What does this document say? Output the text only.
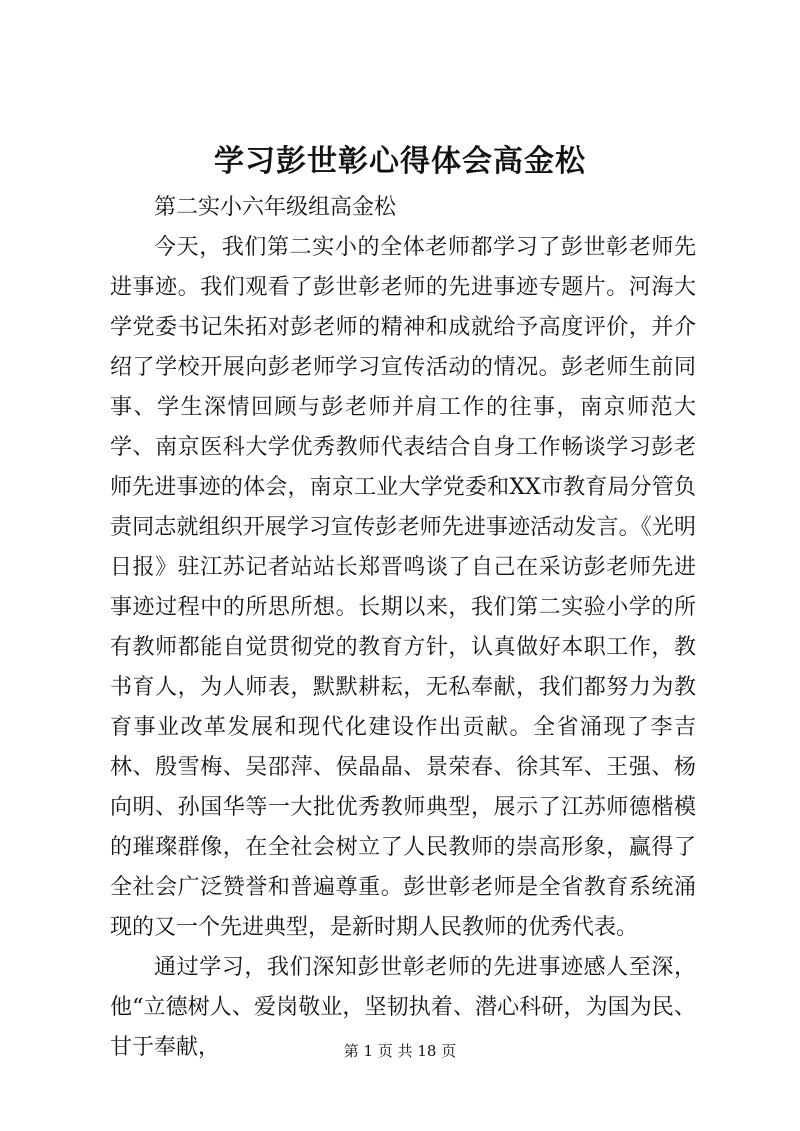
学习彭世彰心得体会高金松

第二实小六年级组高金松

今天，我们第二实小的全体老师都学习了彭世彰老师先进事迹。我们观看了彭世彰老师的先进事迹专题片。河海大学党委书记朱拓对彭老师的精神和成就给予高度评价，并介绍了学校开展向彭老师学习宣传活动的情况。彭老师生前同事、学生深情回顾与彭老师并肩工作的往事，南京师范大学、南京医科大学优秀教师代表结合自身工作畅谈学习彭老师先进事迹的体会，南京工业大学党委和XX市教育局分管负责同志就组织开展学习宣传彭老师先进事迹活动发言。《光明日报》驻江苏记者站站长郑晋鸣谈了自己在采访彭老师先进事迹过程中的所思所想。长期以来，我们第二实验小学的所有教师都能自觉贯彻党的教育方针，认真做好本职工作，教书育人，为人师表，默默耕耘，无私奉献，我们都努力为教育事业改革发展和现代化建设作出贡献。全省涌现了李吉林、殷雪梅、吴邵萍、侯晶晶、景荣春、徐其军、王强、杨向明、孙国华等一大批优秀教师典型，展示了江苏师德楷模的璀璨群像，在全社会树立了人民教师的崇高形象，赢得了全社会广泛赞誉和普遍尊重。彭世彰老师是全省教育系统涌现的又一个先进典型，是新时期人民教师的优秀代表。

通过学习，我们深知彭世彰老师的先进事迹感人至深，他“立德树人、爱岗敬业，坚韧执着、潜心科研，为国为民、甘于奉献，	第 1 页 共 18 页
